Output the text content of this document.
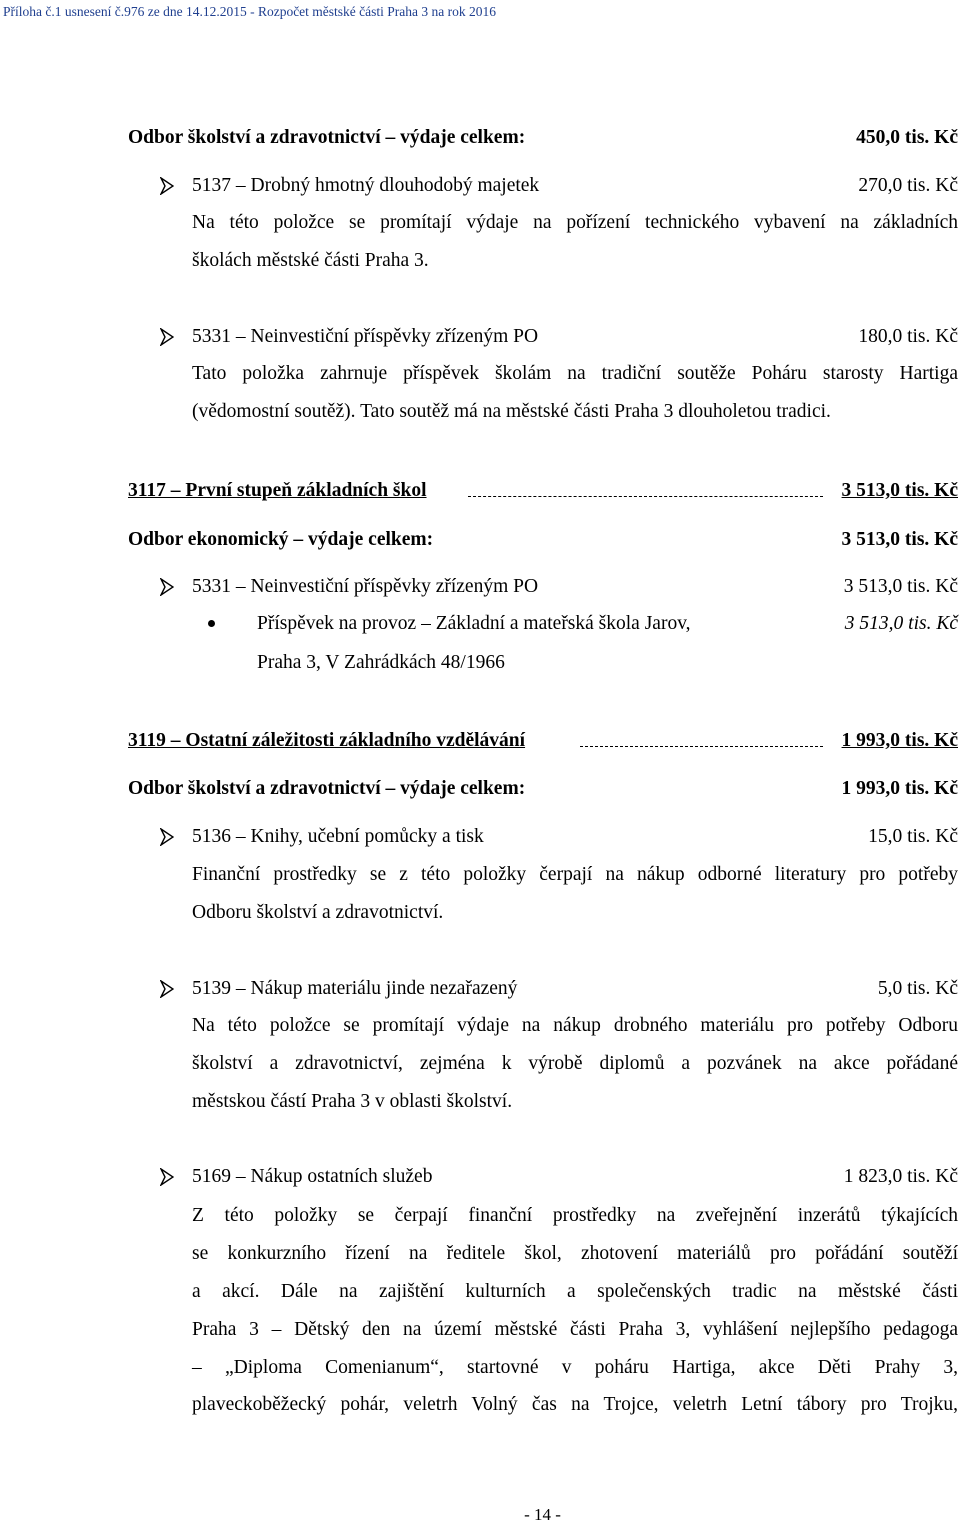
Příloha č.1 usnesení č.976 ze dne 14.12.2015 - Rozpočet městské části Praha 3 na rok 2016
Odbor školství a zdravotnictví – výdaje celkem:	450,0 tis. Kč
5137 – Drobný hmotný dlouhodobý majetek	270,0 tis. Kč
Na této položce se promítají výdaje na pořízení technického vybavení na základních
školách městské části Praha 3.
5331 – Neinvestiční příspěvky zřízeným PO	180,0 tis. Kč
Tato položka zahrnuje příspěvek školám na tradiční soutěže Poháru starosty Hartiga
(vědomostní soutěž). Tato soutěž má na městské části Praha 3 dlouholetou tradici.
3117 – První stupeň základních škol	3 513,0 tis. Kč
Odbor ekonomický – výdaje celkem:	3 513,0 tis. Kč
5331 – Neinvestiční příspěvky zřízeným PO	3 513,0 tis. Kč
Příspěvek na provoz – Základní a mateřská škola Jarov,	3 513,0 tis. Kč
Praha 3, V Zahrádkách 48/1966
3119 – Ostatní záležitosti základního vzdělávání	1 993,0 tis. Kč
Odbor školství a zdravotnictví – výdaje celkem:	1 993,0 tis. Kč
5136 – Knihy, učební pomůcky a tisk	15,0 tis. Kč
Finanční prostředky se z této položky čerpají na nákup odborné literatury pro potřeby
Odboru školství a zdravotnictví.
5139 – Nákup materiálu jinde nezařazený	5,0 tis. Kč
Na této položce se promítají výdaje na nákup drobného materiálu pro potřeby Odboru
školství a zdravotnictví, zejména k výrobě diplomů a pozvánek na akce pořádané
městskou částí Praha 3 v oblasti školství.
5169 – Nákup ostatních služeb	1 823,0 tis. Kč
Z této položky se čerpají finanční prostředky na zveřejnění inzerátů týkajících
se konkurzního řízení na ředitele škol, zhotovení materiálů pro pořádání soutěží
a akcí. Dále na zajištění kulturních a společenských tradic na městské části
Praha 3 – Dětský den na území městské části Praha 3, vyhlášení nejlepšího pedagoga
– „Diploma Comenianum“, startovné v poháru Hartiga, akce Děti Prahy 3,
plaveckoběžecký pohár, veletrh Volný čas na Trojce, veletrh Letní tábory pro Trojku,
- 14 -
